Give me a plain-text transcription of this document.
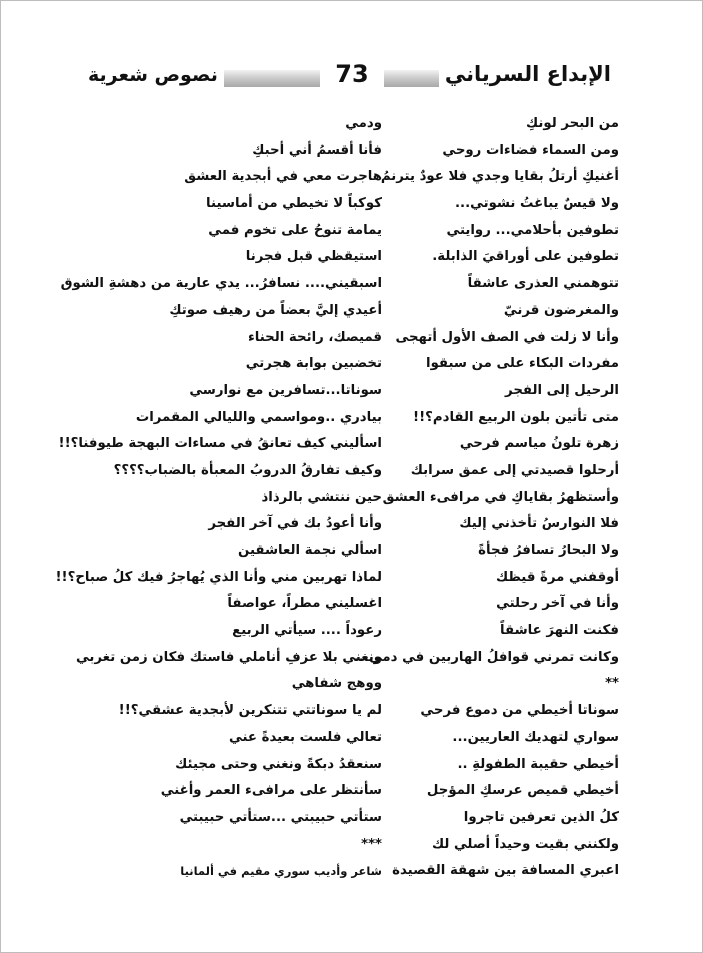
الإبداع السرياني
73
نصوص شعرية
من البحر لونكِ
ومن السماء فضاءات روحي
أغنيكِ أرتلُ بقايا وجدي فلا عودٌ يترنمُ
ولا قيسٌ يباغتُ نشوتي...
تطوفين بأحلامي... روايتي
تطوفين على أوراقيَ الذابلة.
تتوهمني العذرى عاشقاً
والمغرضون قرنيّ
وأنا لا زلت في الصف الأول أتهجى
مفردات البكاء على من سبقوا
الرحيل إلى الفجر
متى تأتين بلون الربيع القادم؟!!
زهرة تلونُ مياسم فرحي
أرحلوا قصيدتي إلى عمق سرابك
وأستظهرُ بقاياكِ في مرافىء العشق
فلا النوارسُ تأخذني إليك
ولا البحارُ تسافرُ فجأةً
أوقفني مرةً قيظك
وأنا في آخر رحلتي
فكنت النهرَ عاشقاً
وكانت تمرني قوافلُ الهاربين في دمي...
**
سوناتا أخيطي من دموع فرحي
سواري لتهديك العاريين...
أخيطي حقيبة الطفولةِ ..
أخيطي قميص عرسكِ المؤجل
كلُ الذين تعرفين تاجروا
ولكنني بقيت وحيداً أصلي لك
اعبري المسافة بين شهقة القصيدة
ودمي
فأنا أقسمُ أني أحبكِ
هاجرت معي في أبجدية العشق
كوكباً لا تخيطي من أماسينا
يمامة تنوحُ على تخوم فمي
استيقظي قبل فجرنا
اسبقيني.... نسافرُ... يدي عارية من دهشةِ الشوق
أعيدي إليَّ بعضاً من رهيف صوتكِ
قميصك، رائحة الحناء
تخضبين بوابة هجرتي
سوناتا...تسافرين مع نوارسي
بيادري ..ومواسمي والليالي المقمرات
اسأليني كيف تعانقُ في مساءات البهجة طيوفنا؟!!
وكيف تفارقُ الدروبُ المعبأة بالضباب؟؟؟؟
حين ننتشي بالرذاذ
وأنا أعودُ بك في آخر الفجر
اسألي نجمة العاشقين
لماذا تهربين مني وأنا الذي يُهاجرُ فيك كلُ صباح؟!!
اغسليني مطراً، عواصفاً
رعوداً .... سيأتي الربيع
ونغني بلا عزفِ أناملي فاستك فكان زمن تغربي
ووهج شفاهي
لم يا سوناتتي تتنكرين لأبجدية عشقي؟!!
تعالي فلست بعيدةً عني
سنعقدُ دبكةً ونغني وحتى مجيئك
سأنتظر على مرافىء العمر وأغني
ستأتي حبيبتي ...ستأتي حبيبتي
***
شاعر وأديب سوري مقيم في ألمانيا
